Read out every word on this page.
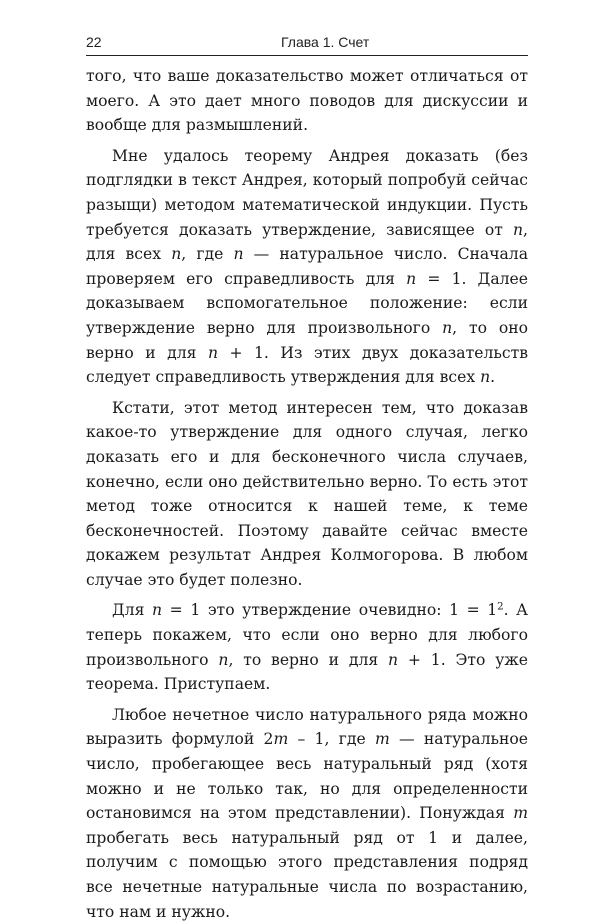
22	Глава 1. Счет

того, что ваше доказательство может отличаться от моего. А это дает много поводов для дискуссии и вообще для размышлений.

Мне удалось теорему Андрея доказать (без подглядки в текст Андрея, который попробуй сейчас разыщи) методом математической индукции. Пусть требуется доказать утверждение, зависящее от n, для всех n, где n — натуральное число. Сначала проверяем его справедливость для n = 1. Далее доказываем вспомогательное положение: если утверждение верно для произвольного n, то оно верно и для n + 1. Из этих двух доказательств следует справедливость утверждения для всех n.

Кстати, этот метод интересен тем, что доказав какое-то утверждение для одного случая, легко доказать его и для бесконечного числа случаев, конечно, если оно действительно верно. То есть этот метод тоже относится к нашей теме, к теме бесконечностей. Поэтому давайте сейчас вместе докажем результат Андрея Колмогорова. В любом случае это будет полезно.

Для n = 1 это утверждение очевидно: $1 = 1^2$. А теперь покажем, что если оно верно для любого произвольного n, то верно и для n + 1. Это уже теорема. Приступаем.

Любое нечетное число натурального ряда можно выразить формулой 2m – 1, где m — натуральное число, пробегающее весь натуральный ряд (хотя можно и не только так, но для определенности остановимся на этом представлении). Понуждая m пробегать весь натуральный ряд от 1 и далее, получим с помощью этого представления подряд все нечетные натуральные числа по возрастанию, что нам и нужно.
